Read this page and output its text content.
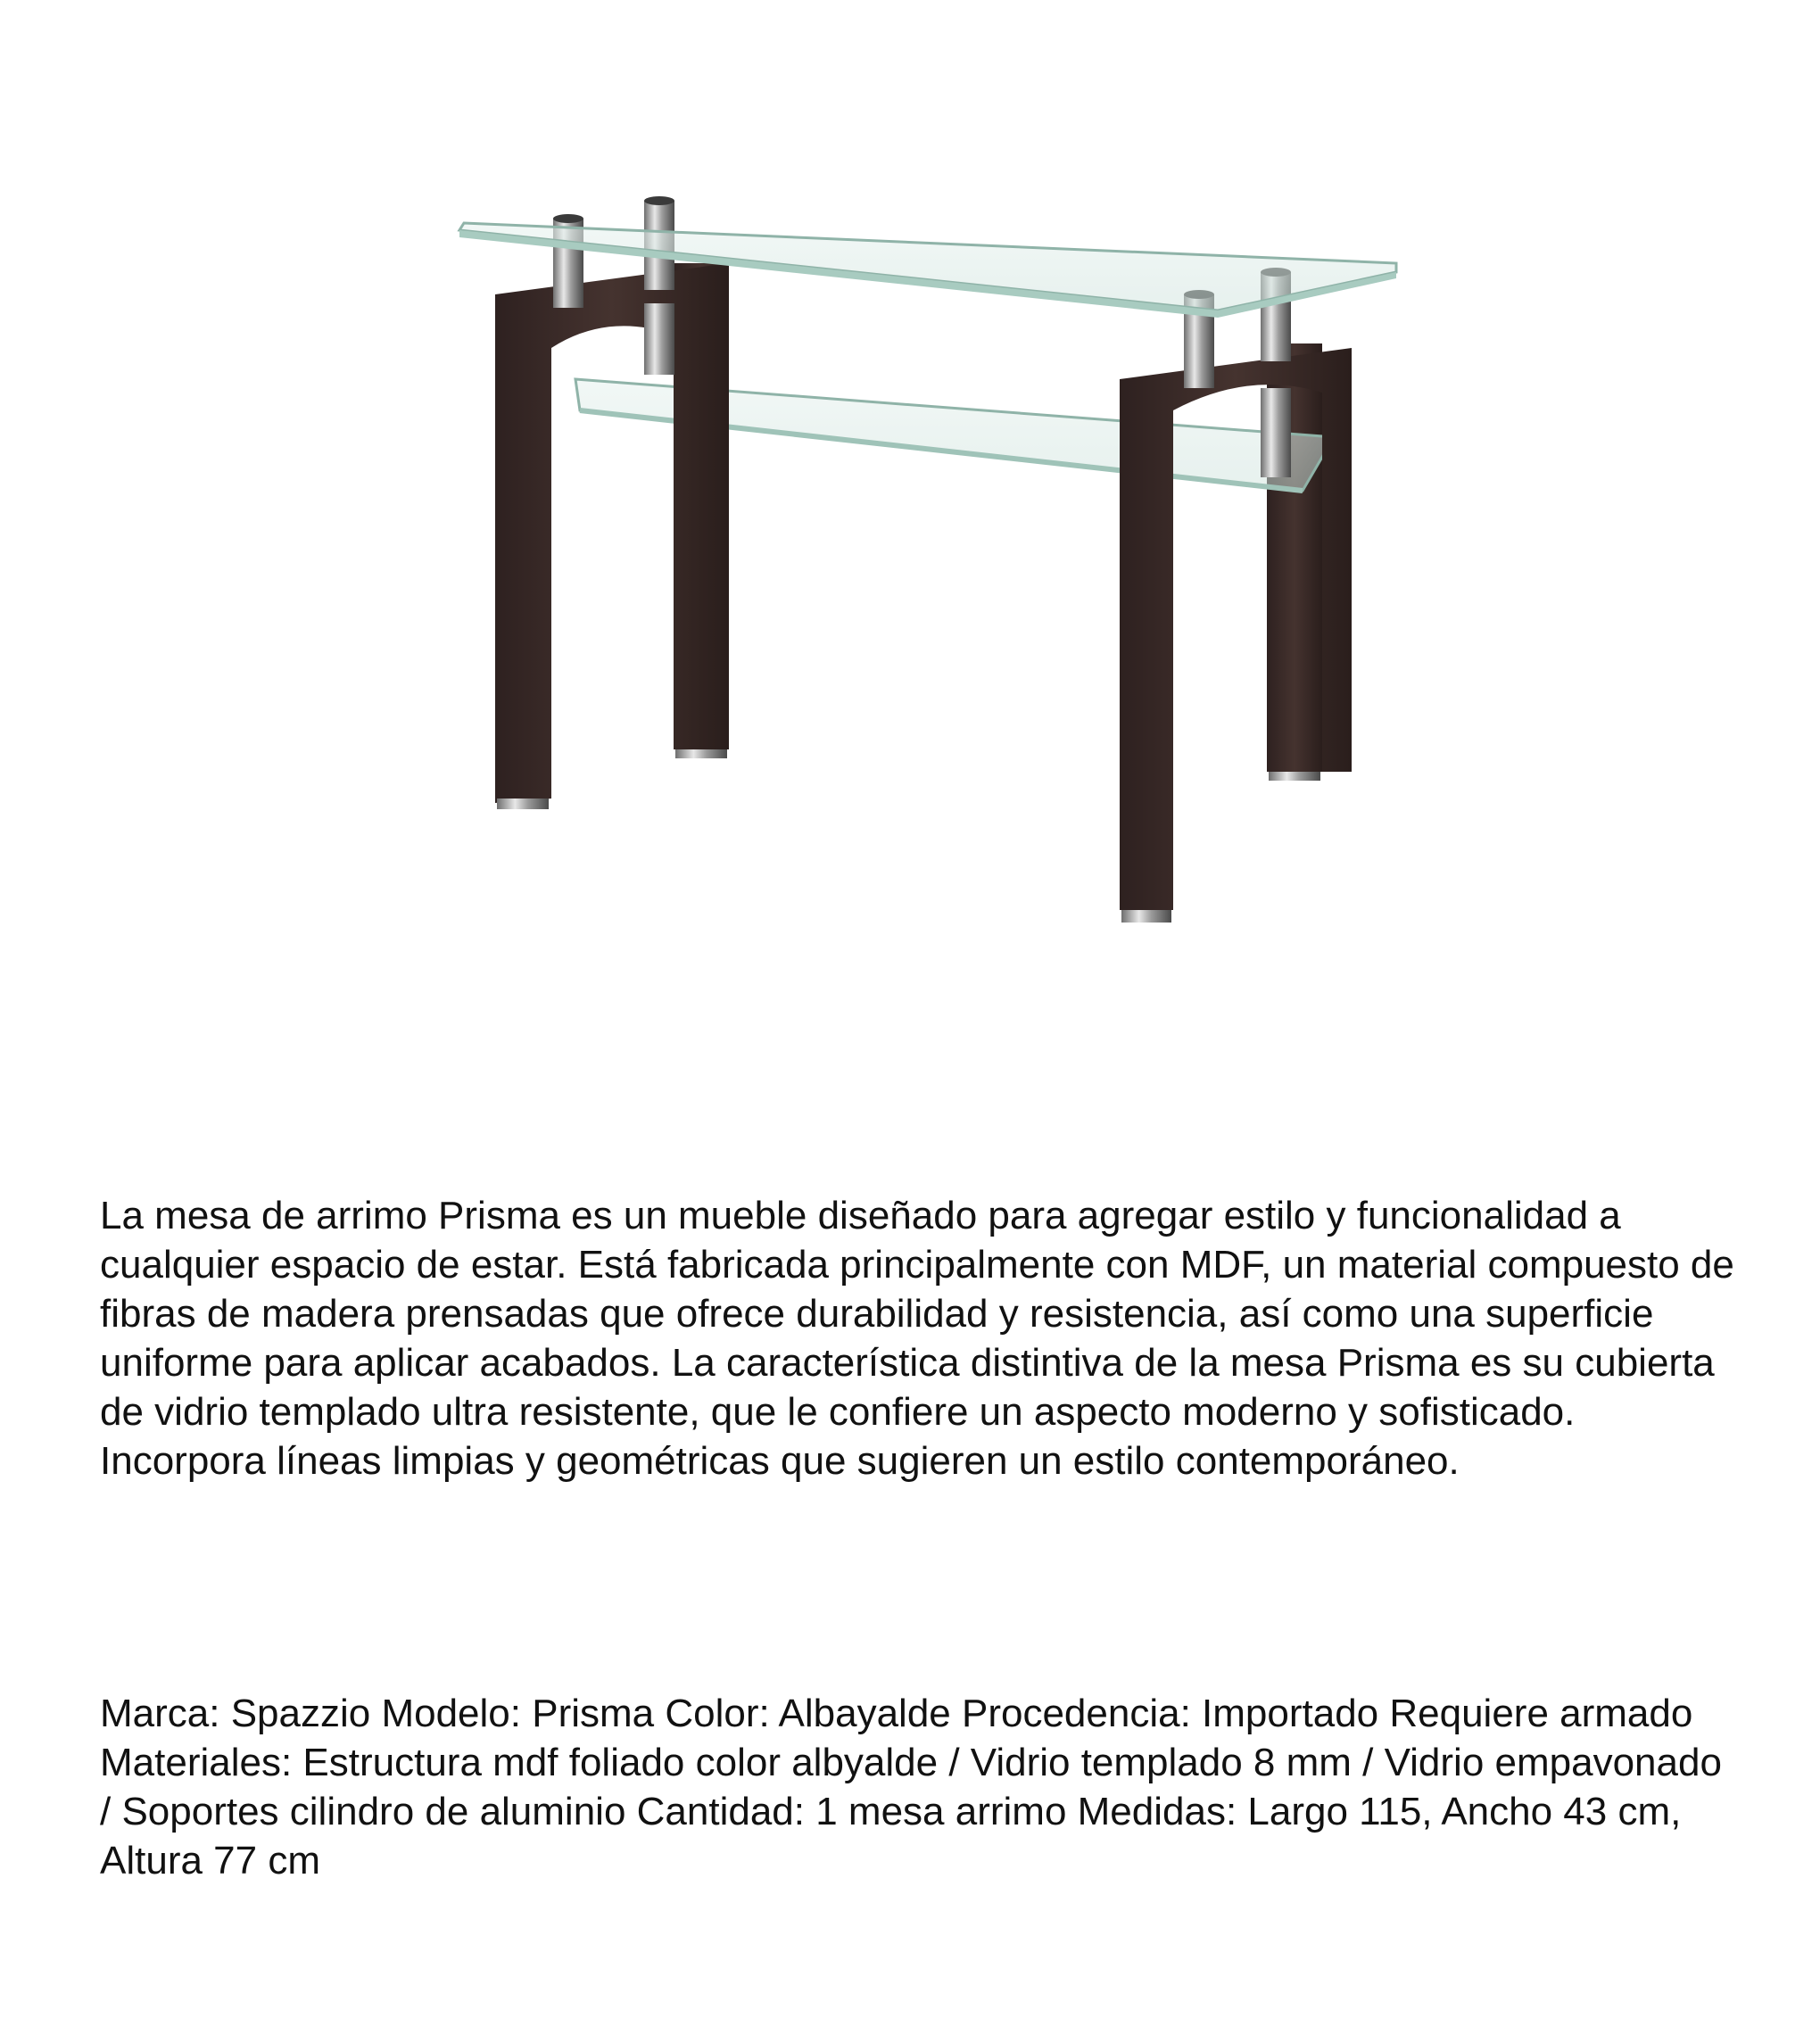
La mesa de arrimo Prisma es un mueble diseñado para agregar estilo y funcionalidad a cualquier espacio de estar. Está fabricada principalmente con MDF, un material compuesto de fibras de madera prensadas que ofrece durabilidad y resistencia, así como una superficie uniforme para aplicar acabados. La característica distintiva de la mesa Prisma es su cubierta de vidrio templado ultra resistente, que le confiere un aspecto moderno y sofisticado. Incorpora líneas limpias y geométricas que sugieren un estilo contemporáneo.

Marca: Spazzio Modelo: Prisma Color: Albayalde Procedencia: Importado Requiere armado Materiales: Estructura mdf foliado color albyalde / Vidrio templado 8 mm / Vidrio empavonado / Soportes cilindro de aluminio Cantidad: 1 mesa arrimo Medidas: Largo 115, Ancho 43 cm, Altura 77 cm
